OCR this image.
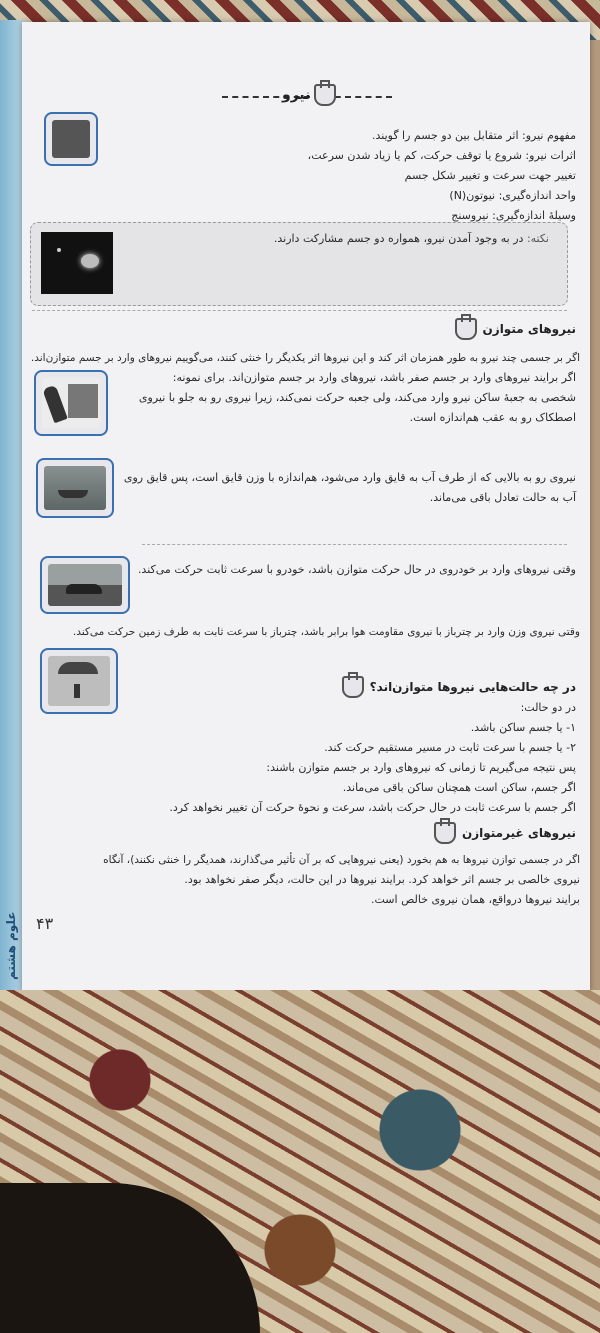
علوم هشتم
نیرو
مفهوم نیرو: اثر متقابل بین دو جسم را گویند.
اثرات نیرو: شروع یا توقف حرکت، کم یا زیاد شدن سرعت،
تغییر جهت سرعت و تغییر شکل جسم
واحد اندازه‌گیری: نیوتون(N)
وسیلهٔ اندازه‌گیری: نیروسنج
نکته: در به وجود آمدن نیرو، همواره دو جسم مشارکت دارند.
نیروهای متوازن
اگر بر جسمی چند نیرو به طور همزمان اثر کند و این نیروها اثر یکدیگر را خنثی کنند، می‌گوییم نیروهای وارد بر جسم متوازن‌اند.
اگر برایند نیروهای وارد بر جسم صفر باشد، نیروهای وارد بر جسم متوازن‌اند. برای نمونه:
شخصی به جعبهٔ ساکن نیرو وارد می‌کند، ولی جعبه حرکت نمی‌کند، زیرا نیروی رو به جلو با نیروی
اصطکاک رو به عقب هم‌اندازه است.
نیروی رو به بالایی که از طرف آب به قایق وارد می‌شود، هم‌اندازه با وزن قایق است، پس قایق روی
آب به حالت تعادل باقی می‌ماند.
وقتی نیروهای وارد بر خودروی در حال حرکت متوازن باشد، خودرو با سرعت ثابت حرکت می‌کند.
وقتی نیروی وزن وارد بر چترباز با نیروی مقاومت هوا برابر باشد، چترباز با سرعت ثابت به طرف زمین حرکت می‌کند.
در چه حالت‌هایی نیروها متوازن‌اند؟
در دو حالت:
۱- یا جسم ساکن باشد.
۲- یا جسم با سرعت ثابت در مسیر مستقیم حرکت کند.
پس نتیجه می‌گیریم تا زمانی که نیروهای وارد بر جسم متوازن باشند:
اگر جسم، ساکن است همچنان ساکن باقی می‌ماند.
اگر جسم با سرعت ثابت در حال حرکت باشد، سرعت و نحوهٔ حرکت آن تغییر نخواهد کرد.
نیروهای غیرمتوازن
اگر در جسمی توازن نیروها به هم بخورد (یعنی نیروهایی که بر آن تأثیر می‌گذارند، همدیگر را خنثی نکنند)، آنگاه
نیروی خالصی بر جسم اثر خواهد کرد. برایند نیروها در این حالت، دیگر صفر نخواهد بود.
برایند نیروها درواقع، همان نیروی خالص است.
۴۳
